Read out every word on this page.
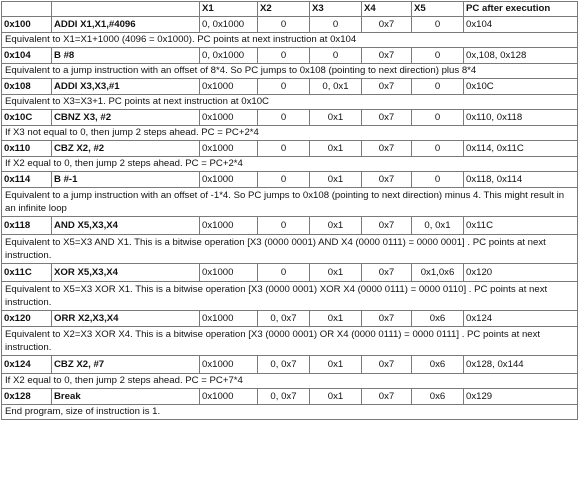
		X1	X2	X3	X4	X5	PC after execution
0x100	ADDI X1,X1,#4096	0, 0x1000	0	0	0x7	0	0x104
Equivalent to X1=X1+1000 (4096 = 0x1000). PC points at next instruction at 0x104							
0x104	B #8	0, 0x1000	0	0	0x7	0	0x,108, 0x128
Equivalent to a jump instruction with an offset of 8*4. So PC jumps to 0x108 (pointing to next direction) plus 8*4							
0x108	ADDI X3,X3,#1	0x1000	0	0, 0x1	0x7	0	0x10C
Equivalent to X3=X3+1. PC points at next instruction at 0x10C							
0x10C	CBNZ X3, #2	0x1000	0	0x1	0x7	0	0x110, 0x118
If X3 not equal to 0, then jump 2 steps ahead. PC = PC+2*4							
0x110	CBZ X2, #2	0x1000	0	0x1	0x7	0	0x114, 0x11C
If X2 equal to 0, then jump 2 steps ahead. PC = PC+2*4							
0x114	B #-1	0x1000	0	0x1	0x7	0	0x118, 0x114
Equivalent to a jump instruction with an offset of -1*4. So PC jumps to 0x108 (pointing to next direction) minus 4. This might result in an infinite loop							
0x118	AND X5,X3,X4	0x1000	0	0x1	0x7	0, 0x1	0x11C
Equivalent to X5=X3 AND X1. This is a bitwise operation [X3 (0000 0001) AND X4 (0000 0111) = 0000 0001] . PC points at next instruction.							
0x11C	XOR X5,X3,X4	0x1000	0	0x1	0x7	0x1,0x6	0x120
Equivalent to X5=X3 XOR X1. This is a bitwise operation [X3 (0000 0001) XOR X4 (0000 0111) = 0000 0110] . PC points at next instruction.							
0x120	ORR X2,X3,X4	0x1000	0, 0x7	0x1	0x7	0x6	0x124
Equivalent to X2=X3 XOR X4. This is a bitwise operation [X3 (0000 0001) OR X4 (0000 0111) = 0000 0111] . PC points at next instruction.							
0x124	CBZ X2, #7	0x1000	0, 0x7	0x1	0x7	0x6	0x128, 0x144
If X2 equal to 0, then jump 2 steps ahead. PC = PC+7*4							
0x128	Break	0x1000	0, 0x7	0x1	0x7	0x6	0x129
End program, size of instruction is 1.							
